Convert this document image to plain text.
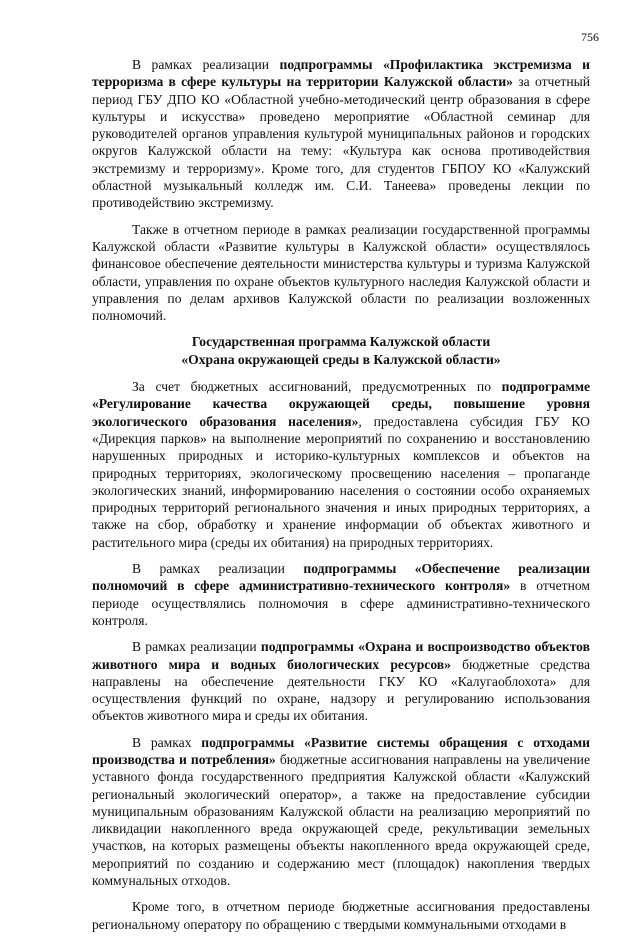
756

В рамках реализации подпрограммы «Профилактика экстремизма и терроризма в сфере культуры на территории Калужской области» за отчетный период ГБУ ДПО КО «Областной учебно-методический центр образования в сфере культуры и искусства» проведено мероприятие «Областной семинар для руководителей органов управления культурой муниципальных районов и городских округов Калужской области на тему: «Культура как основа противодействия экстремизму и терроризму». Кроме того, для студентов ГБПОУ КО «Калужский областной музыкальный колледж им. С.И. Танеева» проведены лекции по противодействию экстремизму.

Также в отчетном периоде в рамках реализации государственной программы Калужской области «Развитие культуры в Калужской области» осуществлялось финансовое обеспечение деятельности министерства культуры и туризма Калужской области, управления по охране объектов культурного наследия Калужской области и управления по делам архивов Калужской области по реализации возложенных полномочий.

Государственная программа Калужской области
«Охрана окружающей среды в Калужской области»

За счет бюджетных ассигнований, предусмотренных по подпрограмме «Регулирование качества окружающей среды, повышение уровня экологического образования населения», предоставлена субсидия ГБУ КО «Дирекция парков» на выполнение мероприятий по сохранению и восстановлению нарушенных природных и историко-культурных комплексов и объектов на природных территориях, экологическому просвещению населения – пропаганде экологических знаний, информированию населения о состоянии особо охраняемых природных территорий регионального значения и иных природных территориях, а также на сбор, обработку и хранение информации об объектах животного и растительного мира (среды их обитания) на природных территориях.

В рамках реализации подпрограммы «Обеспечение реализации полномочий в сфере административно-технического контроля» в отчетном периоде осуществлялись полномочия в сфере административно-технического контроля.

В рамках реализации подпрограммы «Охрана и воспроизводство объектов животного мира и водных биологических ресурсов» бюджетные средства направлены на обеспечение деятельности ГКУ КО «Калугаоблохота» для осуществления функций по охране, надзору и регулированию использования объектов животного мира и среды их обитания.

В рамках подпрограммы «Развитие системы обращения с отходами производства и потребления» бюджетные ассигнования направлены на увеличение уставного фонда государственного предприятия Калужской области «Калужский региональный экологический оператор», а также на предоставление субсидии муниципальным образованиям Калужской области на реализацию мероприятий по ликвидации накопленного вреда окружающей среде, рекультивации земельных участков, на которых размещены объекты накопленного вреда окружающей среде, мероприятий по созданию и содержанию мест (площадок) накопления твердых коммунальных отходов.

Кроме того, в отчетном периоде бюджетные ассигнования предоставлены региональному оператору по обращению с твердыми коммунальными отходами в
